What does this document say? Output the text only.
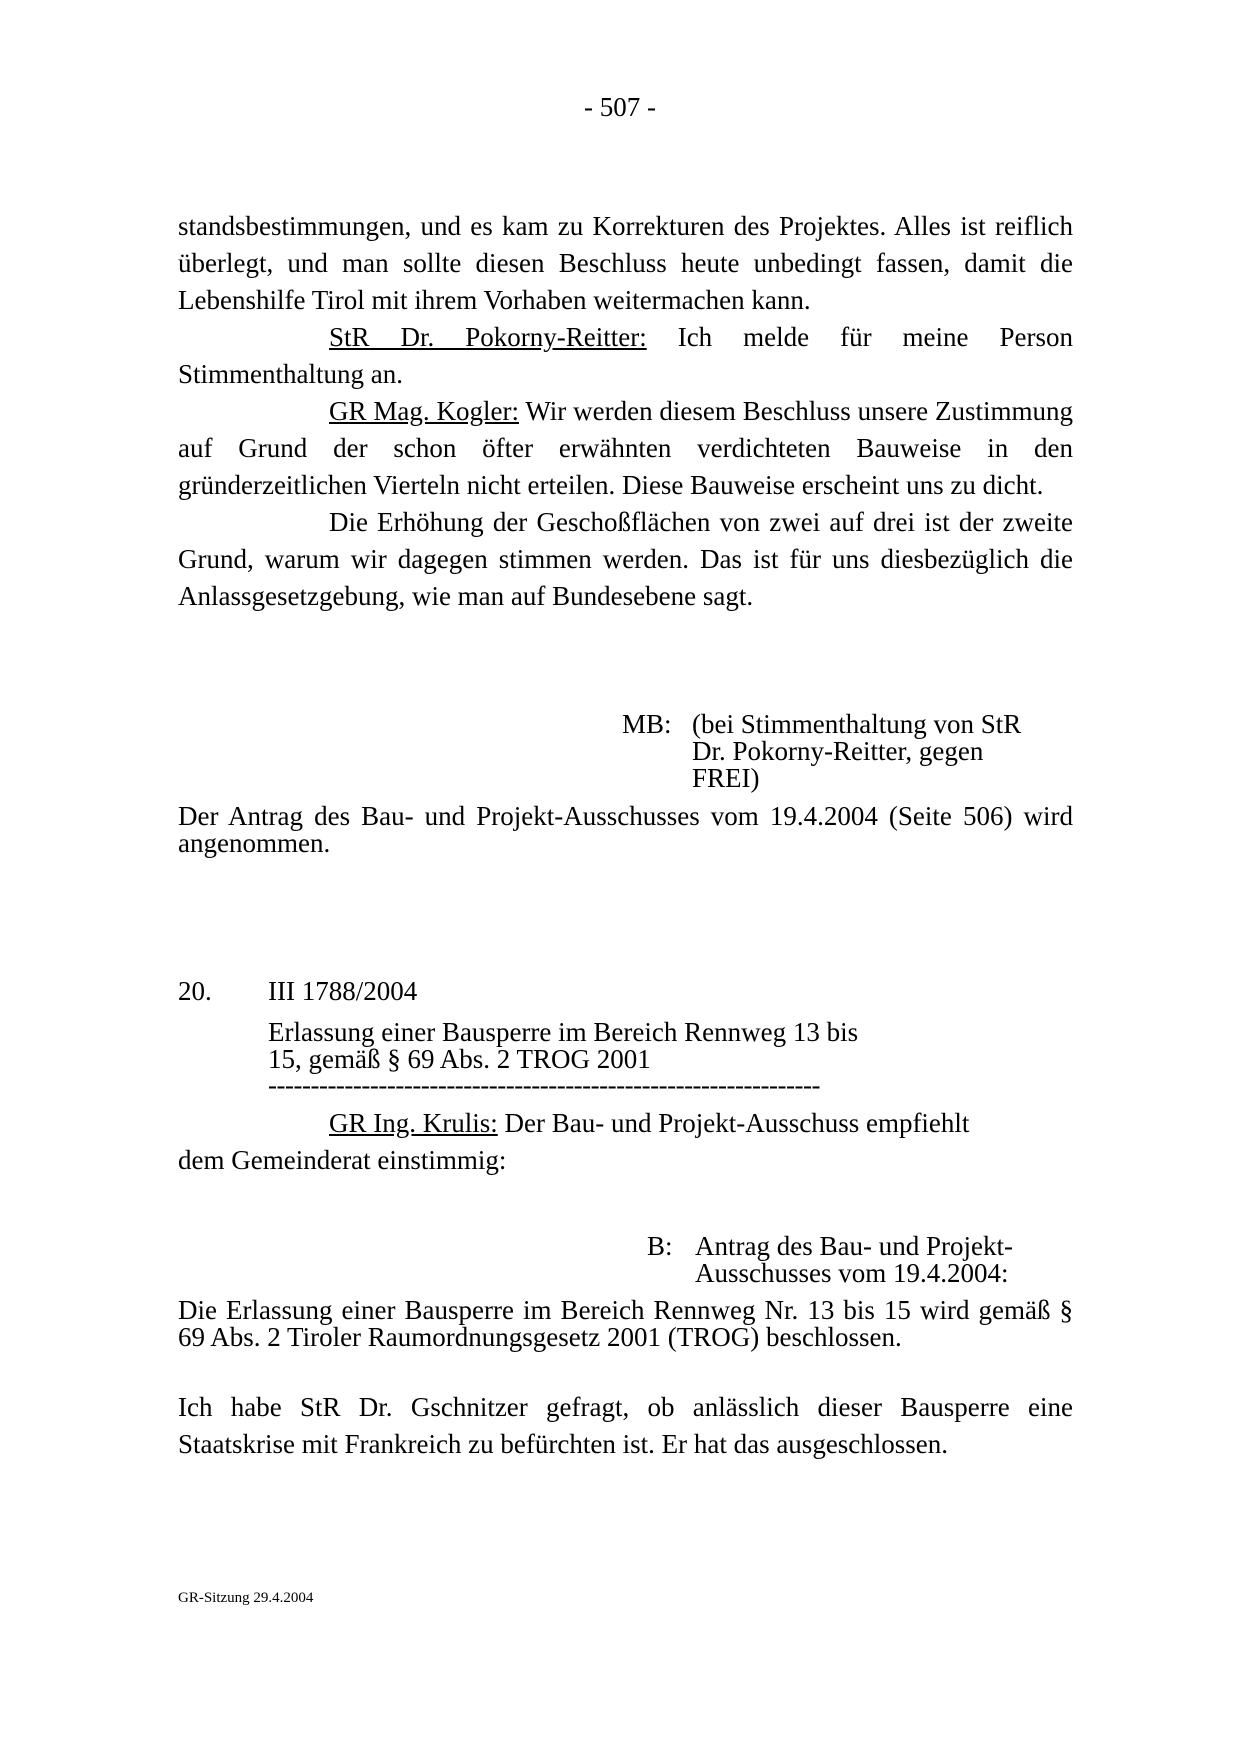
- 507 -

standsbestimmungen, und es kam zu Korrekturen des Projektes. Alles ist reiflich überlegt, und man sollte diesen Beschluss heute unbedingt fassen, damit die Lebenshilfe Tirol mit ihrem Vorhaben weitermachen kann.

StR Dr. Pokorny-Reitter: Ich melde für meine Person Stimmenthaltung an.

GR Mag. Kogler: Wir werden diesem Beschluss unsere Zustimmung auf Grund der schon öfter erwähnten verdichteten Bauweise in den gründerzeitlichen Vierteln nicht erteilen. Diese Bauweise erscheint uns zu dicht.

Die Erhöhung der Geschoßflächen von zwei auf drei ist der zweite Grund, warum wir dagegen stimmen werden. Das ist für uns diesbezüglich die Anlassgesetzgebung, wie man auf Bundesebene sagt.

MB: (bei Stimmenthaltung von StR
Dr. Pokorny-Reitter, gegen
FREI)
Der Antrag des Bau- und Projekt-Ausschusses vom 19.4.2004 (Seite 506) wird angenommen.
20. III 1788/2004
Erlassung einer Bausperre im Bereich Rennweg 13 bis
15, gemäß § 69 Abs. 2 TROG 2001
-----------------------------------------------------------------

GR Ing. Krulis: Der Bau- und Projekt-Ausschuss empfiehlt

dem Gemeinderat einstimmig:

B: Antrag des Bau- und Projekt-
Ausschusses vom 19.4.2004:
Die Erlassung einer Bausperre im Bereich Rennweg Nr. 13 bis 15 wird gemäß § 69 Abs. 2 Tiroler Raumordnungsgesetz 2001 (TROG) beschlossen.
Ich habe StR Dr. Gschnitzer gefragt, ob anlässlich dieser Bausperre eine Staatskrise mit Frankreich zu befürchten ist. Er hat das ausgeschlossen.
GR-Sitzung 29.4.2004
